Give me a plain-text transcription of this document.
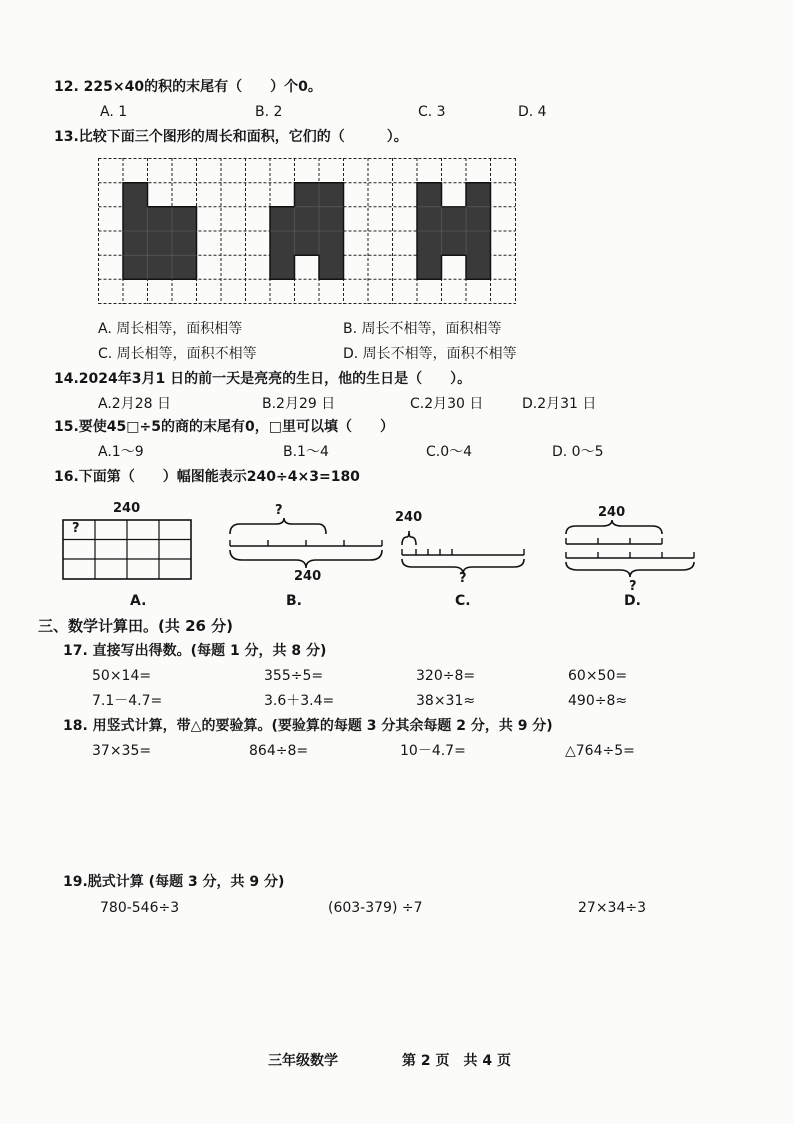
12. 225×40的积的末尾有（　　）个0。
A. 1	B. 2	C. 3	D. 4
13.比较下面三个图形的周长和面积，它们的（　　　）。
A. 周长相等，面积相等	B. 周长不相等，面积相等
C. 周长相等，面积不相等	D. 周长不相等，面积不相等
14.2024年3月1 日的前一天是亮亮的生日，他的生日是（　　）。
A.2月28 日	B.2月29 日	C.2月30 日	D.2月31 日
15.要使45□÷5的商的末尾有0，□里可以填（　　）
A.1～9	B.1～4	C.0～4	D. 0～5
16.下面第（　　）幅图能表示240÷4×3=180
240
?
A.
?
240
B.
240
?
C.
240
?
D.
三、数学计算田。(共 26 分)
17. 直接写出得数。(每题 1 分，共 8 分)
50×14=	355÷5=	320÷8=	60×50=
7.1－4.7=	3.6＋3.4=	38×31≈	490÷8≈
18. 用竖式计算，带△的要验算。(要验算的每题 3 分其余每题 2 分，共 9 分)
37×35=	864÷8=	10－4.7=	△764÷5=
19.脱式计算 (每题 3 分，共 9 分)
780-546÷3	(603-379) ÷7	27×34÷3
三年级数学	第 2 页　共 4 页
